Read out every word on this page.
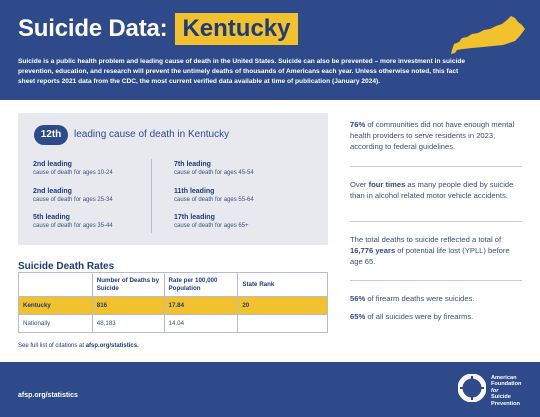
Suicide Data: Kentucky

Suicide is a public health problem and leading cause of death in the United States. Suicide can also be prevented – more investment in suicide prevention, education, and research will prevent the untimely deaths of thousands of Americans each year. Unless otherwise noted, this fact sheet reports 2021 data from the CDC, the most current verified data available at time of publication (January 2024).

12th	leading cause of death in Kentucky
2nd leading
cause of death for ages 10-24
2nd leading
cause of death for ages 25-34
5th leading
cause of death for ages 35-44
7th leading
cause of death for ages 45-54
11th leading
cause of death for ages 55-64
17th leading
cause of death for ages 65+
Suicide Death Rates
	Number of Deaths by Suicide	Rate per 100,000 Population	State Rank
Kentucky	816	17.84	20
Nationally	48,183	14.04	
See full list of citations at afsp.org/statistics.

76% of communities did not have enough mental health providers to serve residents in 2023, according to federal guidelines.

Over four times as many people died by suicide than in alcohol related motor vehicle accidents.

The total deaths to suicide reflected a total of 16,776 years of potential life lost (YPLL) before age 65.

56% of firearm deaths were suicides.

65% of all suicides were by firearms.

afsp.org/statistics
American
Foundation
for
Suicide
Prevention
